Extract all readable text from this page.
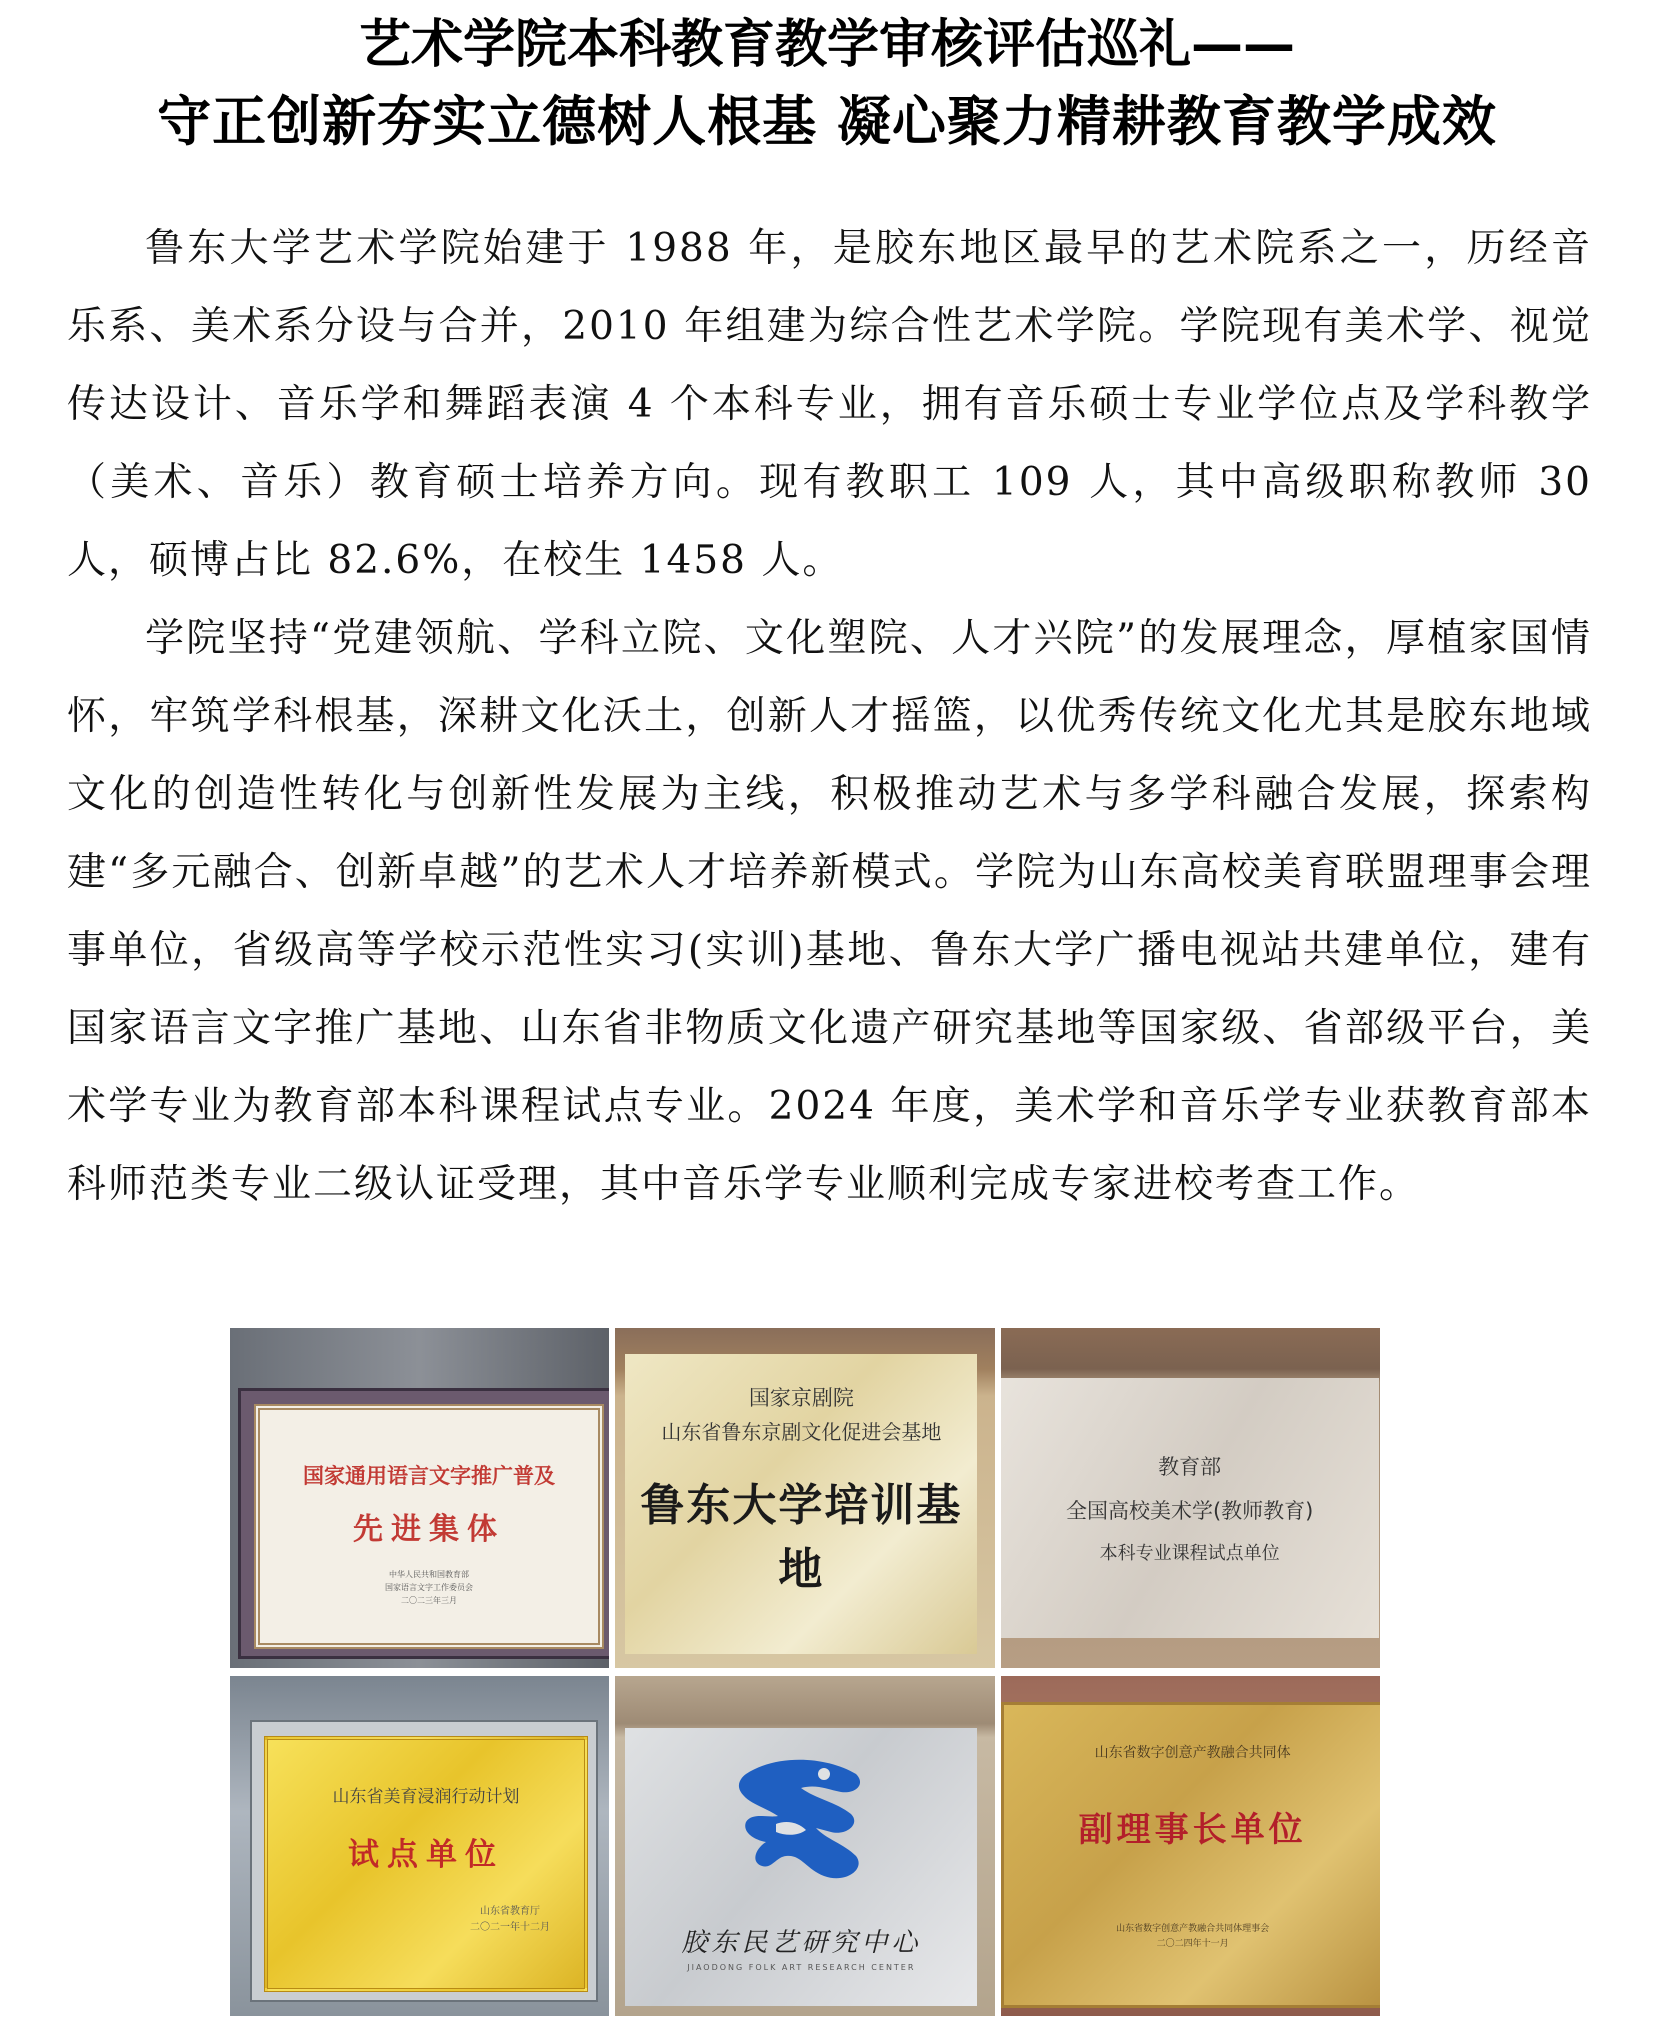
艺术学院本科教育教学审核评估巡礼——
守正创新夯实立德树人根基 凝心聚力精耕教育教学成效

鲁东大学艺术学院始建于 1988 年，是胶东地区最早的艺术院系之一，历经音乐系、美术系分设与合并，2010 年组建为综合性艺术学院。学院现有美术学、视觉传达设计、音乐学和舞蹈表演 4 个本科专业，拥有音乐硕士专业学位点及学科教学（美术、音乐）教育硕士培养方向。现有教职工 109 人，其中高级职称教师 30 人，硕博占比 82.6%，在校生 1458 人。

学院坚持“党建领航、学科立院、文化塑院、人才兴院”的发展理念，厚植家国情怀，牢筑学科根基，深耕文化沃土，创新人才摇篮，以优秀传统文化尤其是胶东地域文化的创造性转化与创新性发展为主线，积极推动艺术与多学科融合发展，探索构建“多元融合、创新卓越”的艺术人才培养新模式。学院为山东高校美育联盟理事会理事单位，省级高等学校示范性实习(实训)基地、鲁东大学广播电视站共建单位，建有国家语言文字推广基地、山东省非物质文化遗产研究基地等国家级、省部级平台，美术学专业为教育部本科课程试点专业。2024 年度，美术学和音乐学专业获教育部本科师范类专业二级认证受理，其中音乐学专业顺利完成专家进校考查工作。

国家通用语言文字推广普及
先进集体
中华人民共和国教育部
国家语言文字工作委员会
二〇二三年三月
国家京剧院
山东省鲁东京剧文化促进会基地
鲁东大学培训基地
教育部
全国高校美术学(教师教育)
本科专业课程试点单位
山东省美育浸润行动计划
试点单位
山东省教育厅
二〇二一年十二月
胶东民艺研究中心
JIAODONG FOLK ART RESEARCH CENTER
山东省数字创意产教融合共同体
副理事长单位
山东省数字创意产教融合共同体理事会
二〇二四年十一月
